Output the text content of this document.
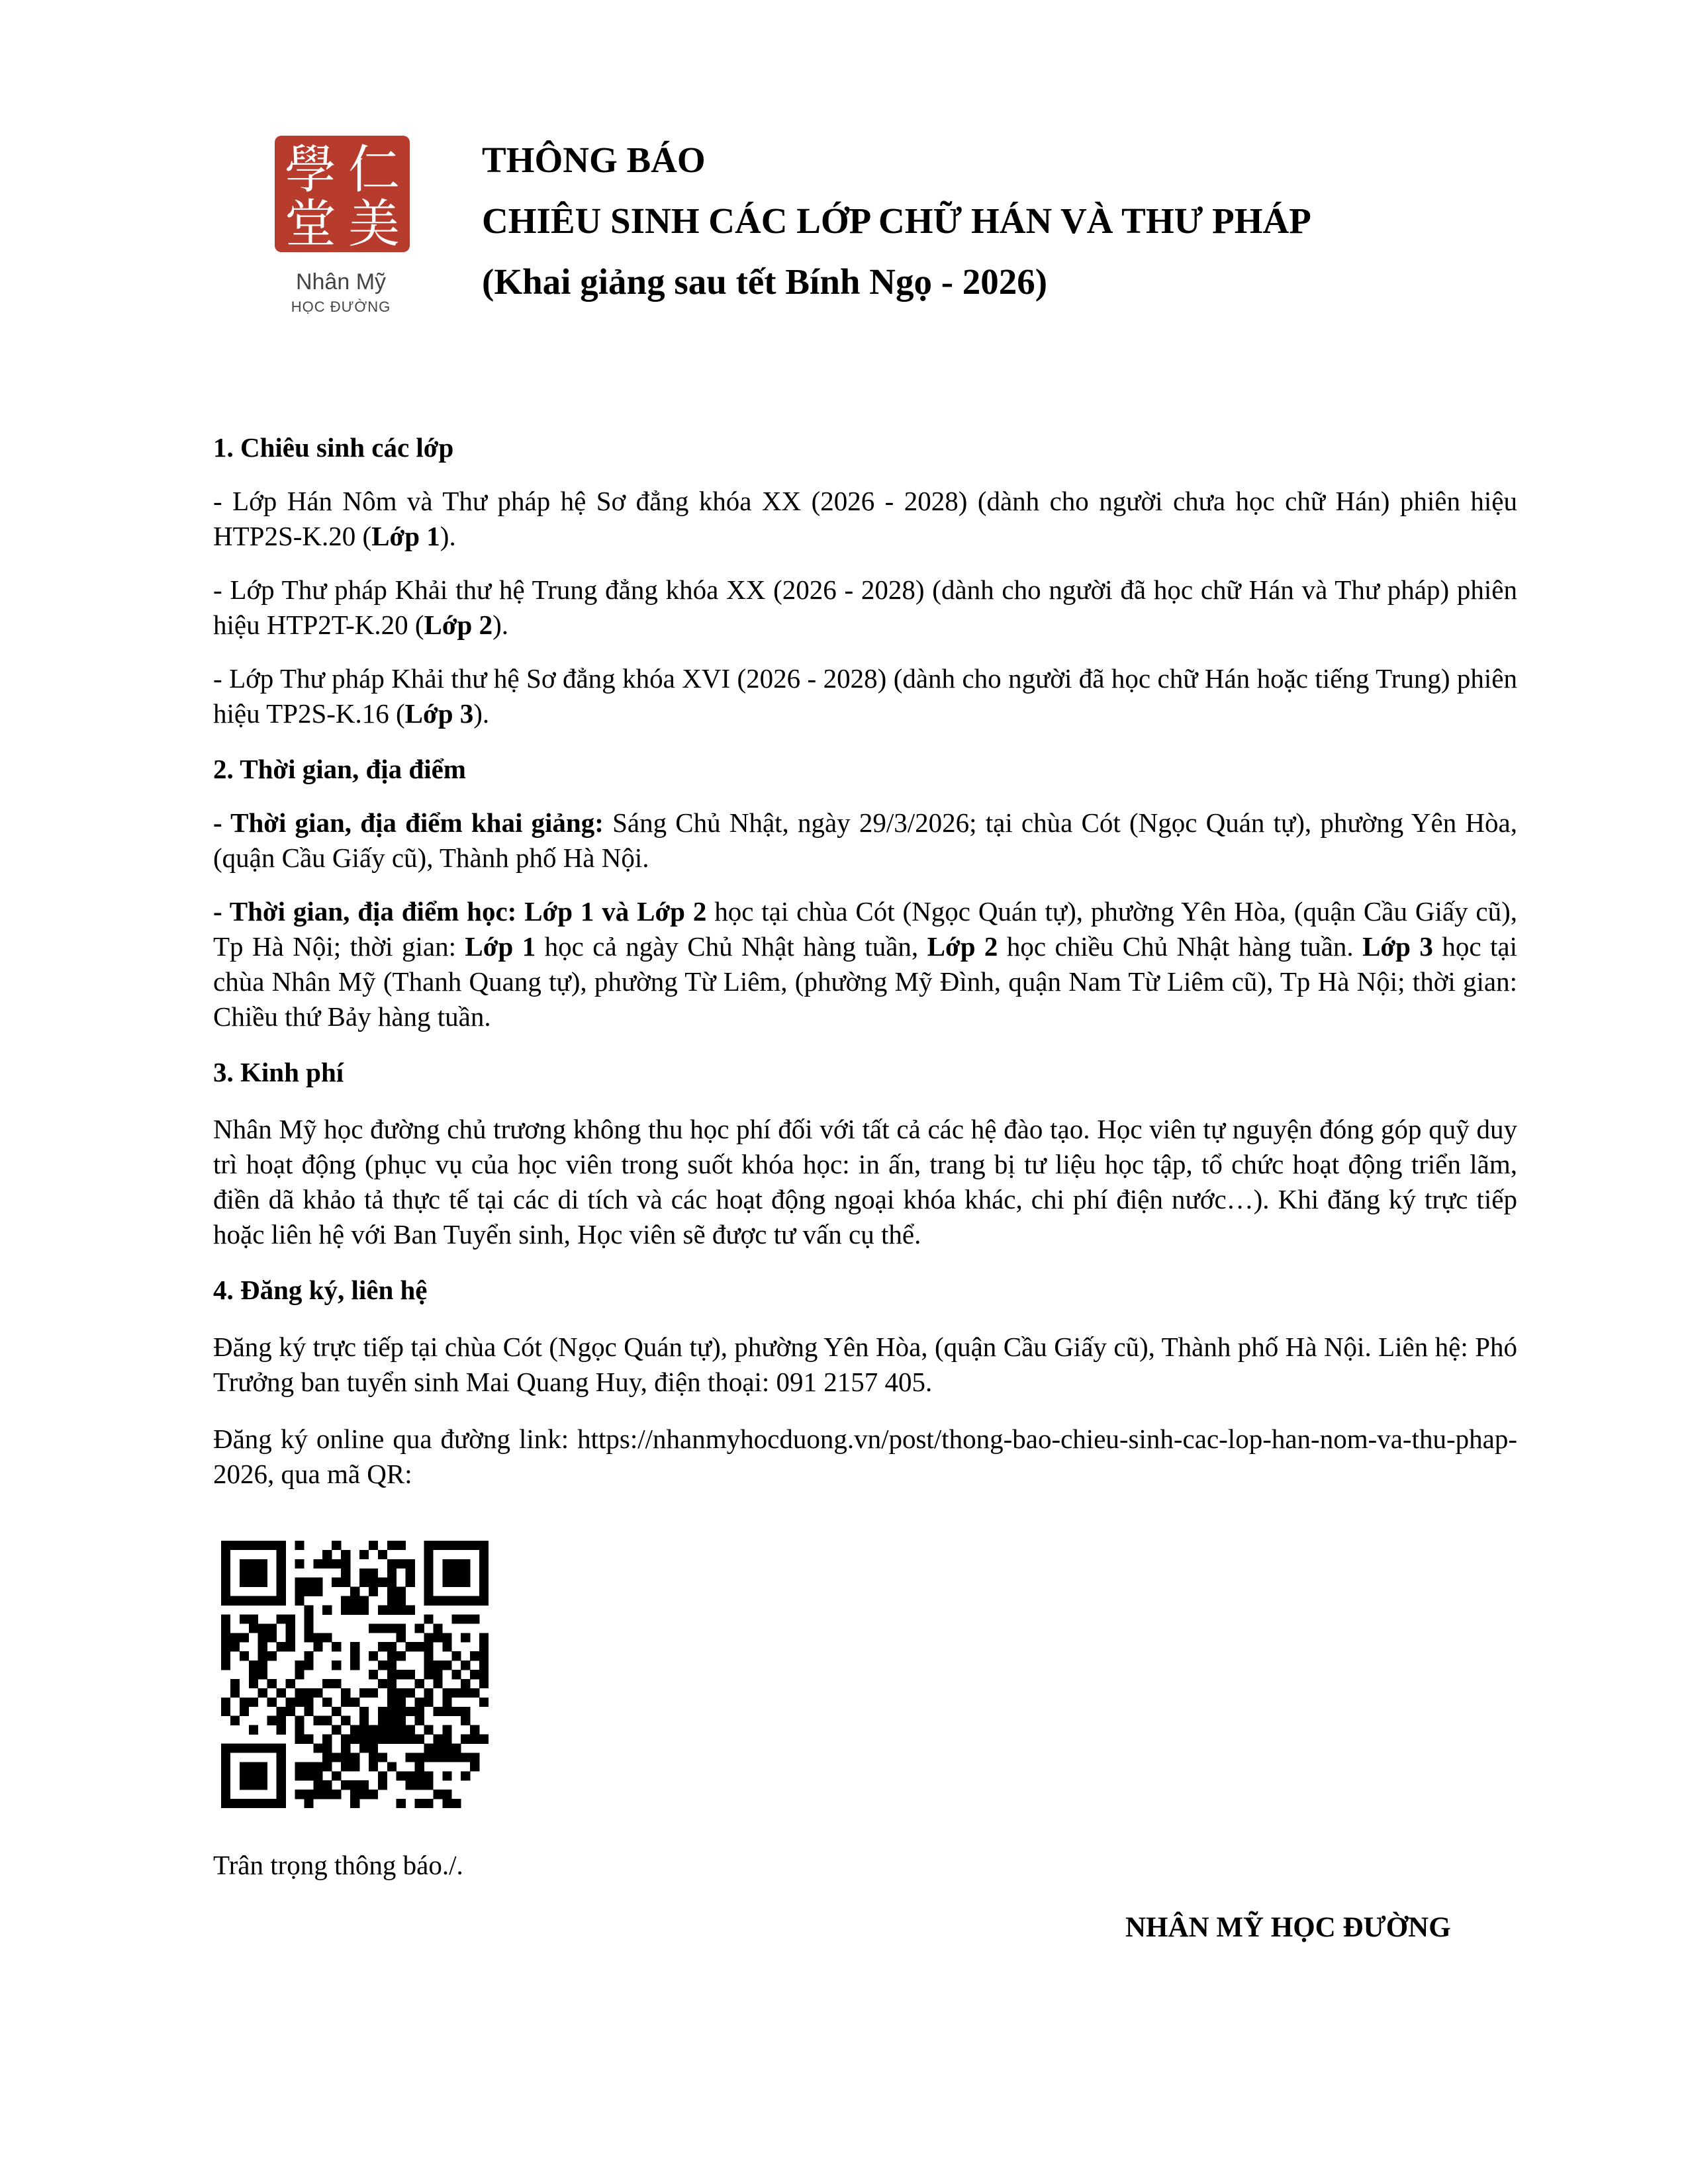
仁
學
美
堂
Nhân Mỹ
HỌC ĐƯỜNG
THÔNG BÁO
CHIÊU SINH CÁC LỚP CHỮ HÁN VÀ THƯ PHÁP
(Khai giảng sau tết Bính Ngọ - 2026)

1. Chiêu sinh các lớp

- Lớp Hán Nôm và Thư pháp hệ Sơ đẳng khóa XX (2026 - 2028) (dành cho người chưa học chữ Hán) phiên hiệu HTP2S-K.20 (Lớp 1).

- Lớp Thư pháp Khải thư hệ Trung đẳng khóa XX (2026 - 2028) (dành cho người đã học chữ Hán và Thư pháp) phiên hiệu HTP2T-K.20 (Lớp 2).

- Lớp Thư pháp Khải thư hệ Sơ đẳng khóa XVI (2026 - 2028) (dành cho người đã học chữ Hán hoặc tiếng Trung) phiên hiệu TP2S-K.16 (Lớp 3).

2. Thời gian, địa điểm

- Thời gian, địa điểm khai giảng: Sáng Chủ Nhật, ngày 29/3/2026; tại chùa Cót (Ngọc Quán tự), phường Yên Hòa, (quận Cầu Giấy cũ), Thành phố Hà Nội.

- Thời gian, địa điểm học: Lớp 1 và Lớp 2 học tại chùa Cót (Ngọc Quán tự), phường Yên Hòa, (quận Cầu Giấy cũ), Tp Hà Nội; thời gian: Lớp 1 học cả ngày Chủ Nhật hàng tuần, Lớp 2 học chiều Chủ Nhật hàng tuần. Lớp 3 học tại chùa Nhân Mỹ (Thanh Quang tự), phường Từ Liêm, (phường Mỹ Đình, quận Nam Từ Liêm cũ), Tp Hà Nội; thời gian: Chiều thứ Bảy hàng tuần.

3. Kinh phí

Nhân Mỹ học đường chủ trương không thu học phí đối với tất cả các hệ đào tạo. Học viên tự nguyện đóng góp quỹ duy trì hoạt động (phục vụ của học viên trong suốt khóa học: in ấn, trang bị tư liệu học tập, tổ chức hoạt động triển lãm, điền dã khảo tả thực tế tại các di tích và các hoạt động ngoại khóa khác, chi phí điện nước…). Khi đăng ký trực tiếp hoặc liên hệ với Ban Tuyển sinh, Học viên sẽ được tư vấn cụ thể.

4. Đăng ký, liên hệ

Đăng ký trực tiếp tại chùa Cót (Ngọc Quán tự), phường Yên Hòa, (quận Cầu Giấy cũ), Thành phố Hà Nội. Liên hệ: Phó Trưởng ban tuyển sinh Mai Quang Huy, điện thoại: 091 2157 405.

Đăng ký online qua đường link: https://nhanmyhocduong.vn/post/thong-bao-chieu-sinh-cac-lop-han-nom-va-thu-phap-2026, qua mã QR:

Trân trọng thông báo./.
NHÂN MỸ HỌC ĐƯỜNG
